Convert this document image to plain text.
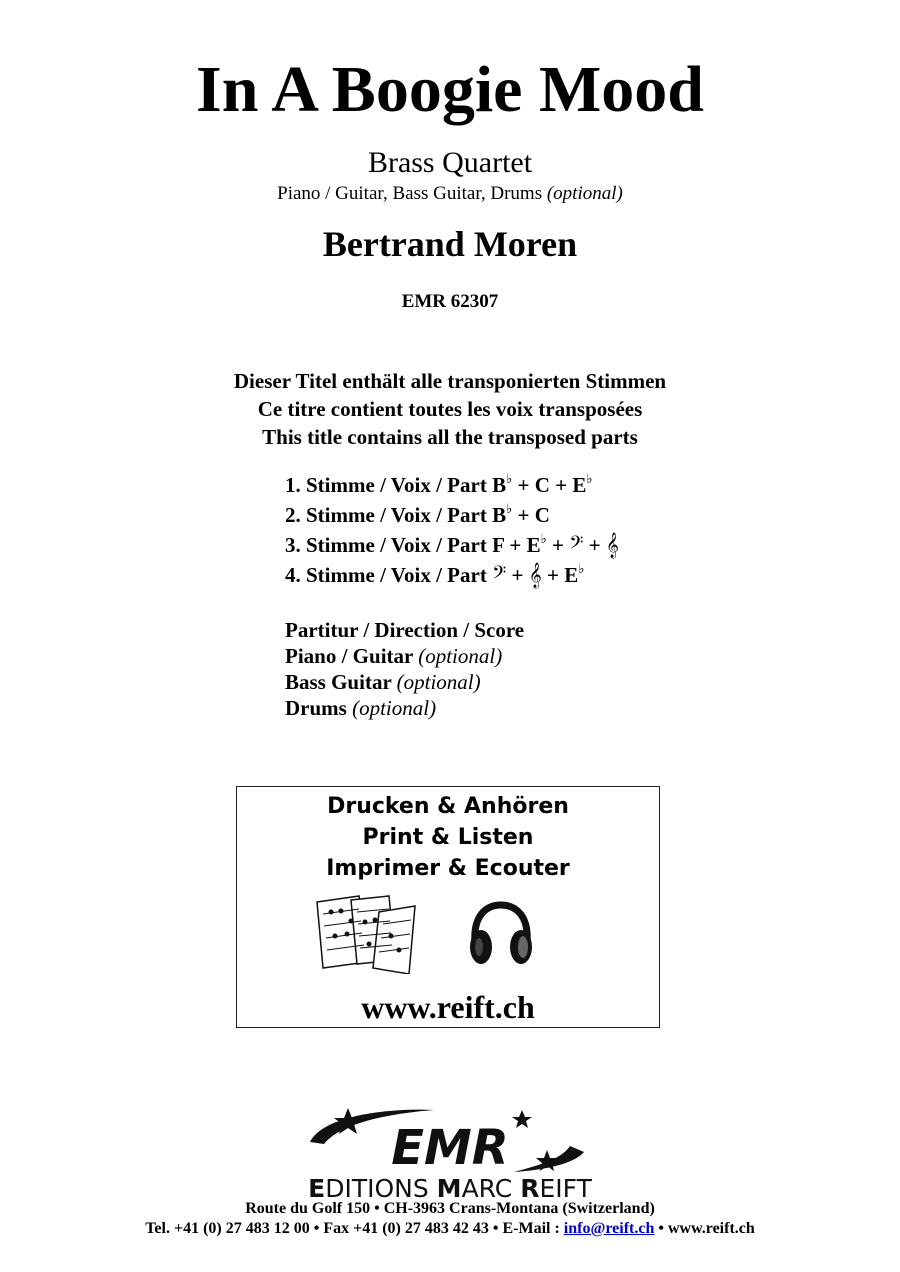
In A Boogie Mood
Brass Quartet
Piano / Guitar, Bass Guitar, Drums (optional)
Bertrand Moren
EMR 62307
Dieser Titel enthält alle transponierten Stimmen
Ce titre contient toutes les voix transposées
This title contains all the transposed parts
1. Stimme / Voix / Part B♭ + C + E♭
2. Stimme / Voix / Part B♭ + C
3. Stimme / Voix / Part F + E♭ + 𝄢 + 𝄞
4. Stimme / Voix / Part 𝄢 + 𝄞 + E♭
Partitur / Direction / Score
Piano / Guitar (optional)
Bass Guitar (optional)
Drums (optional)
Drucken & Anhören
Print & Listen
Imprimer & Ecouter
www.reift.ch
EMR
EDITIONS MARC REIFT
Route du Golf 150 • CH-3963 Crans-Montana (Switzerland)
Tel. +41 (0) 27 483 12 00 • Fax +41 (0) 27 483 42 43 • E-Mail : info@reift.ch • www.reift.ch
